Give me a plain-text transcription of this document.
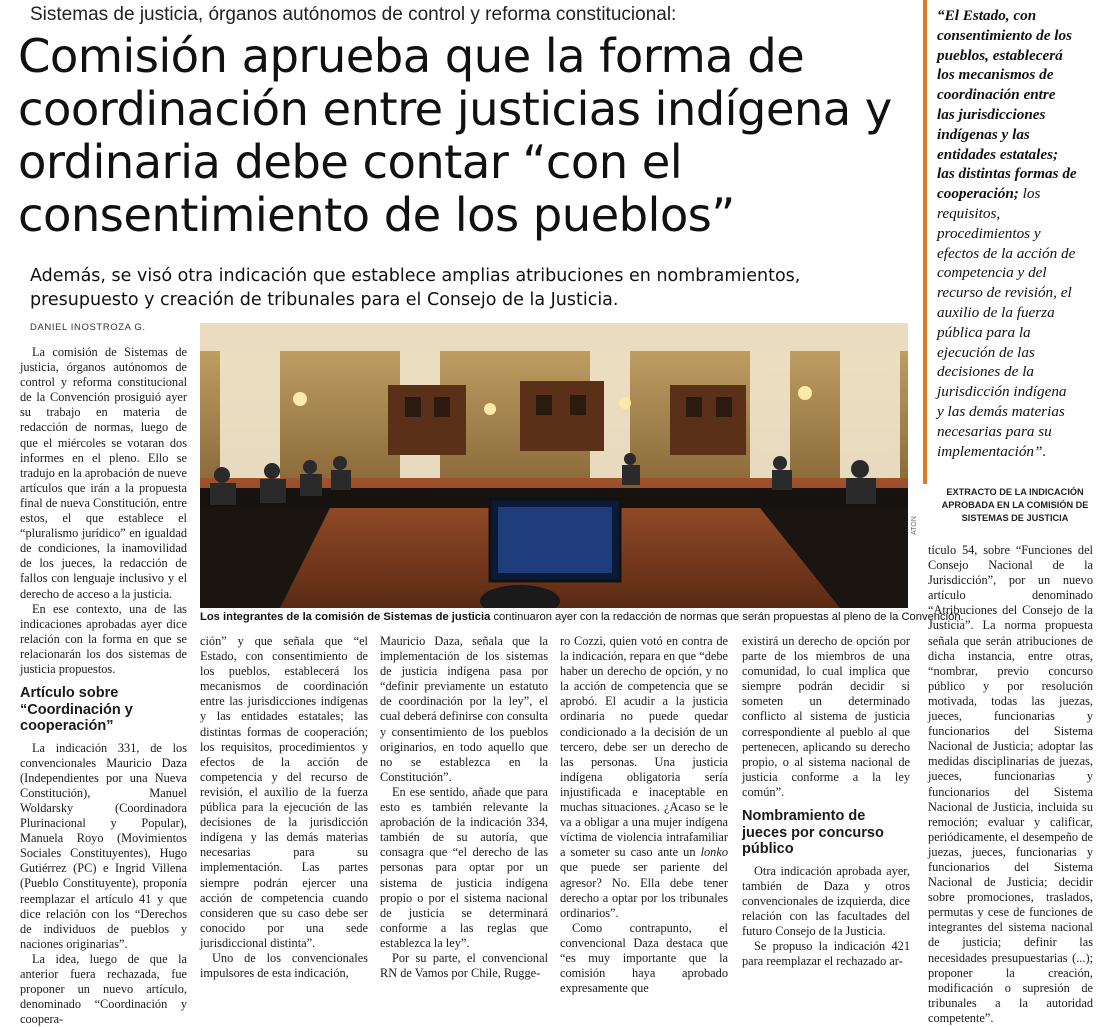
Sistemas de justicia, órganos autónomos de control y reforma constitucional:
Comisión aprueba que la forma de
coordinación entre justicias indígena y
ordinaria debe contar “con el
consentimiento de los pueblos”
Además, se visó otra indicación que establece amplias atribuciones en nombramientos, presupuesto y creación de tribunales para el Consejo de la Justicia.
DANIEL INOSTROZA G.
ATON
Los integrantes de la comisión de Sistemas de justicia continuaron ayer con la redacción de normas que serán propuestas al pleno de la Convención.

La comisión de Sistemas de justicia, órganos autónomos de control y reforma constitucional de la Convención prosiguió ayer su trabajo en materia de redacción de normas, luego de que el miércoles se votaran dos informes en el pleno. Ello se tradujo en la aprobación de nueve artículos que irán a la propuesta final de nueva Constitución, entre estos, el que establece el “pluralismo jurídico” en igualdad de condiciones, la inamovilidad de los jueces, la redacción de fallos con lenguaje inclusivo y el derecho de acceso a la justicia.

En ese contexto, una de las indicaciones aprobadas ayer dice relación con la forma en que se relacionarán los dos sistemas de justicia propuestos.

Artículo sobre “Coordinación y cooperación”

La indicación 331, de los convencionales Mauricio Daza (Independientes por una Nueva Constitución), Manuel Woldarsky (Coordinadora Plurinacional y Popular), Manuela Royo (Movimientos Sociales Constituyentes), Hugo Gutiérrez (PC) e Ingrid Villena (Pueblo Constituyente), proponía reemplazar el artículo 41 y que dice relación con los “Derechos de individuos de pueblos y naciones originarias”.

La idea, luego de que la anterior fuera rechazada, fue proponer un nuevo artículo, denominado “Coordinación y coopera-

ción” y que señala que “el Estado, con consentimiento de los pueblos, establecerá los mecanismos de coordinación entre las jurisdicciones indígenas y las entidades estatales; las distintas formas de cooperación; los requisitos, procedimientos y efectos de la acción de competencia y del recurso de revisión, el auxilio de la fuerza pública para la ejecución de las decisiones de la jurisdicción indígena y las demás materias necesarias para su implementación. Las partes siempre podrán ejercer una acción de competencia cuando consideren que su caso debe ser conocido por una sede jurisdiccional distinta”.

Uno de los convencionales impulsores de esta indicación,

Mauricio Daza, señala que la implementación de los sistemas de justicia indígena pasa por “definir previamente un estatuto de coordinación por la ley”, el cual deberá definirse con consulta y consentimiento de los pueblos originarios, en todo aquello que no se establezca en la Constitución”.

En ese sentido, añade que para esto es también relevante la aprobación de la indicación 334, también de su autoría, que consagra que “el derecho de las personas para optar por un sistema de justicia indígena propio o por el sistema nacional de justicia se determinará conforme a las reglas que establezca la ley”.

Por su parte, el convencional RN de Vamos por Chile, Rugge-

ro Cozzi, quien votó en contra de la indicación, repara en que “debe haber un derecho de opción, y no la acción de competencia que se aprobó. El acudir a la justicia ordinaria no puede quedar condicionado a la decisión de un tercero, debe ser un derecho de las personas. Una justicia indígena obligatoria sería injustificada e inaceptable en muchas situaciones. ¿Acaso se le va a obligar a una mujer indígena víctima de violencia intrafamiliar a someter su caso ante un lonko que puede ser pariente del agresor? No. Ella debe tener derecho a optar por los tribunales ordinarios”.

Como contrapunto, el convencional Daza destaca que “es muy importante que la comisión haya aprobado expresamente que

existirá un derecho de opción por parte de los miembros de una comunidad, lo cual implica que siempre podrán decidir si someten un determinado conflicto al sistema de justicia correspondiente al pueblo al que pertenecen, aplicando su derecho propio, o al sistema nacional de justicia conforme a la ley común”.

Nombramiento de jueces por concurso público

Otra indicación aprobada ayer, también de Daza y otros convencionales de izquierda, dice relación con las facultades del futuro Consejo de la Justicia.

Se propuso la indicación 421 para reemplazar el rechazado ar-

“El Estado, con consentimiento de los pueblos, establecerá los mecanismos de coordinación entre las jurisdicciones indígenas y las entidades estatales; las distintas formas de cooperación; los requisitos, procedimientos y efectos de la acción de competencia y del recurso de revisión, el auxilio de la fuerza pública para la ejecución de las decisiones de la jurisdicción indígena y las demás materias necesarias para su implementación”.
EXTRACTO DE LA INDICACIÓN APROBADA EN LA COMISIÓN DE SISTEMAS DE JUSTICIA

tículo 54, sobre “Funciones del Consejo Nacional de la Jurisdicción”, por un nuevo artículo denominado “Atribuciones del Consejo de la Justicia”. La norma propuesta señala que serán atribuciones de dicha instancia, entre otras, “nombrar, previo concurso público y por resolución motivada, todas las juezas, jueces, funcionarias y funcionarios del Sistema Nacional de Justicia; adoptar las medidas disciplinarias de juezas, jueces, funcionarias y funcionarios del Sistema Nacional de Justicia, incluida su remoción; evaluar y calificar, periódicamente, el desempeño de juezas, jueces, funcionarias y funcionarios del Sistema Nacional de Justicia; decidir sobre promociones, traslados, permutas y cese de funciones de integrantes del sistema nacional de justicia; definir las necesidades presupuestarias (...); proponer la creación, modificación o supresión de tribunales a la autoridad competente”.
